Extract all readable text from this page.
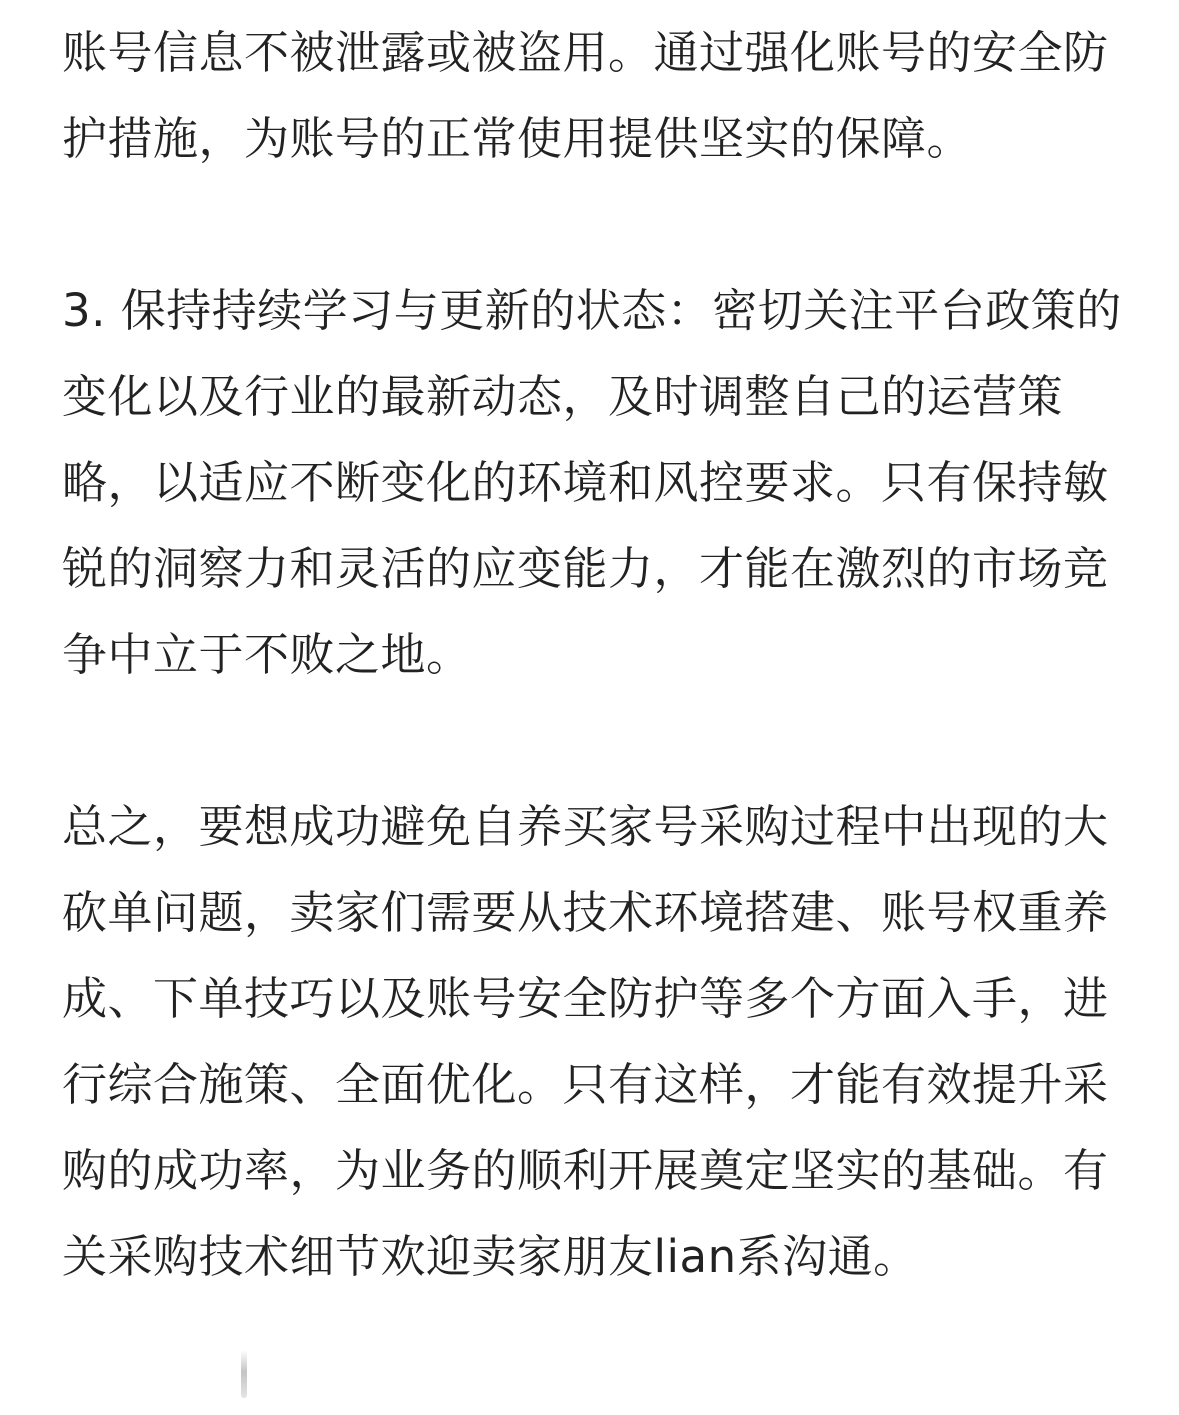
账号信息不被泄露或被盗用。通过强化账号的安全防护措施，为账号的正常使用提供坚实的保障。

3. 保持持续学习与更新的状态：密切关注平台政策的变化以及行业的最新动态，及时调整自己的运营策略，以适应不断变化的环境和风控要求。只有保持敏锐的洞察力和灵活的应变能力，才能在激烈的市场竞争中立于不败之地。

总之，要想成功避免自养买家号采购过程中出现的大砍单问题，卖家们需要从技术环境搭建、账号权重养成、下单技巧以及账号安全防护等多个方面入手，进行综合施策、全面优化。只有这样，才能有效提升采购的成功率，为业务的顺利开展奠定坚实的基础。有关采购技术细节欢迎卖家朋友lian系沟通。
